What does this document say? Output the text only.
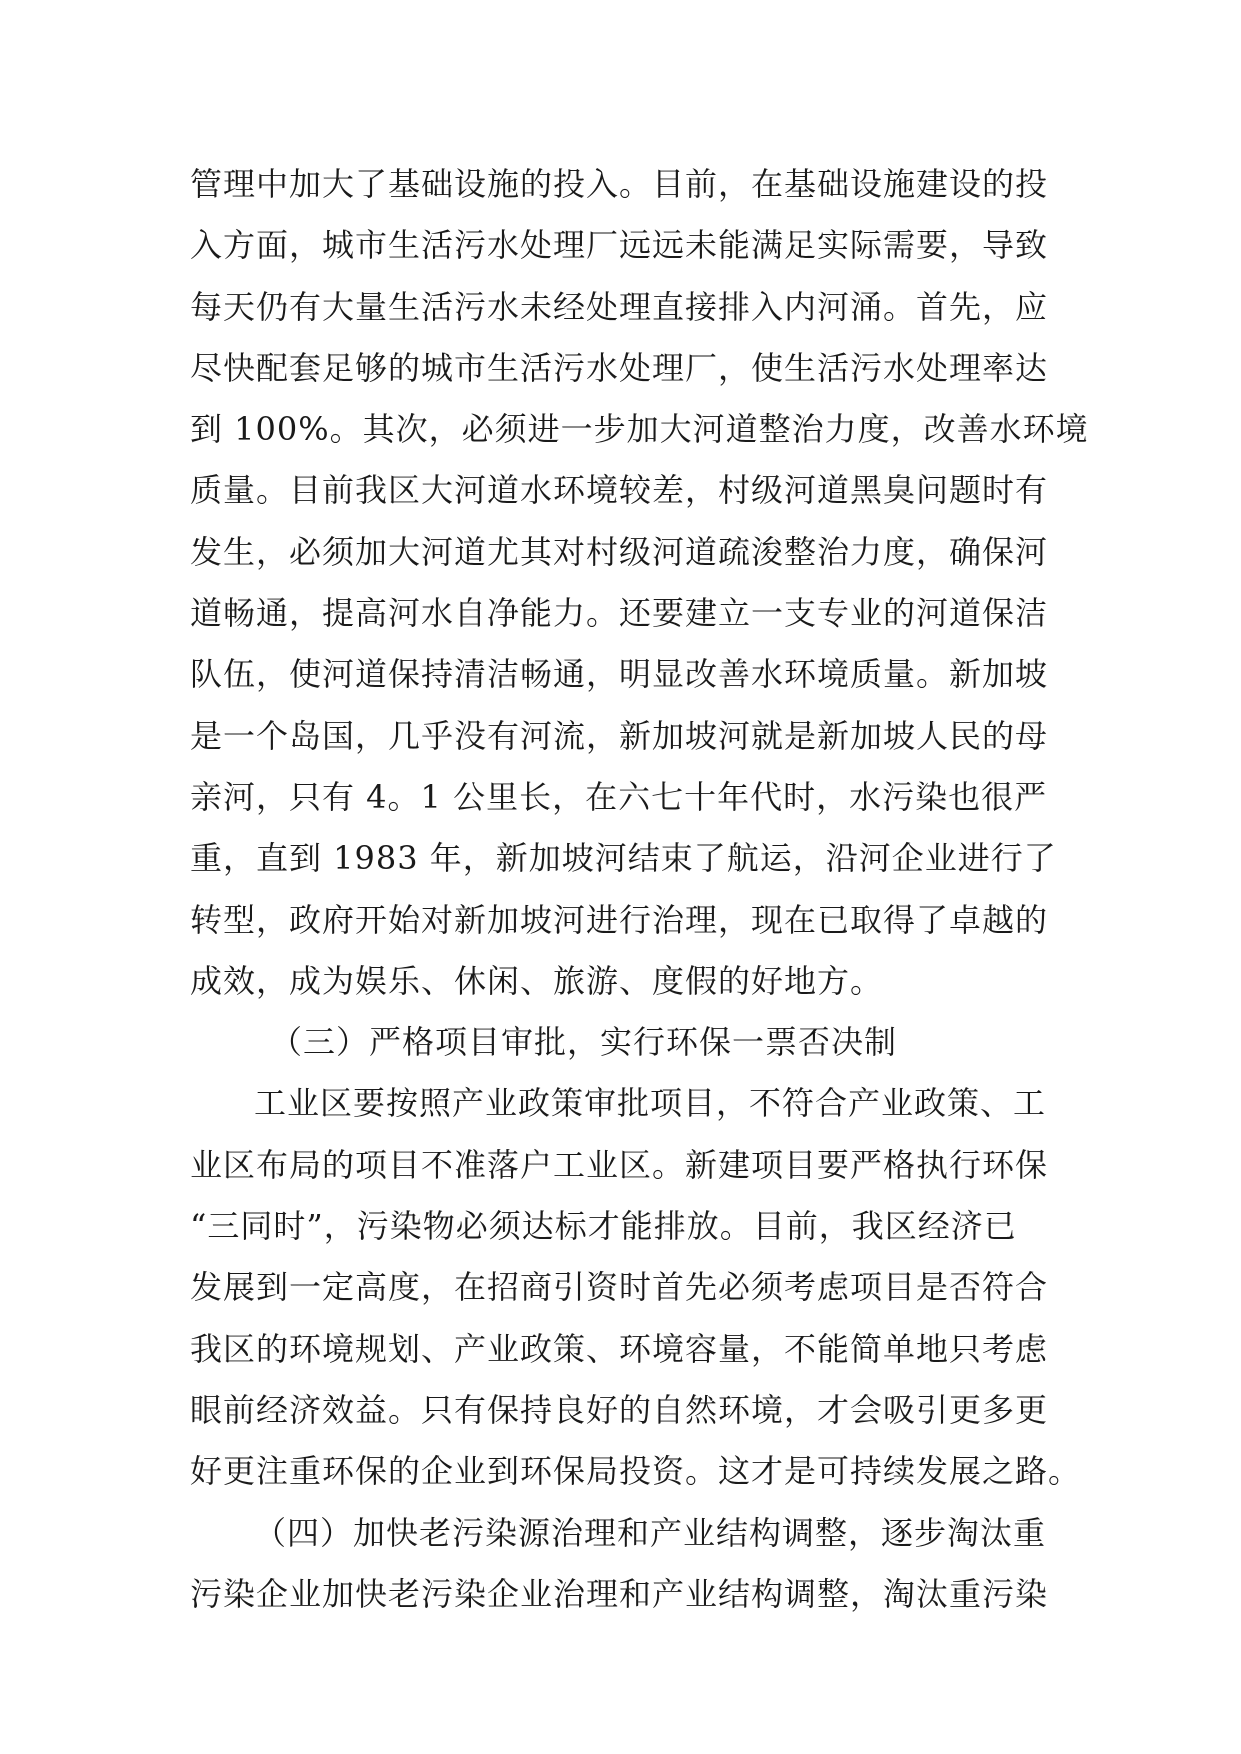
管理中加大了基础设施的投入。目前，在基础设施建设的投
入方面，城市生活污水处理厂远远未能满足实际需要，导致
每天仍有大量生活污水未经处理直接排入内河涌。首先，应
尽快配套足够的城市生活污水处理厂，使生活污水处理率达
到 100%。其次，必须进一步加大河道整治力度，改善水环境
质量。目前我区大河道水环境较差，村级河道黑臭问题时有
发生，必须加大河道尤其对村级河道疏浚整治力度，确保河
道畅通，提高河水自净能力。还要建立一支专业的河道保洁
队伍，使河道保持清洁畅通，明显改善水环境质量。新加坡
是一个岛国，几乎没有河流，新加坡河就是新加坡人民的母
亲河，只有 4。1 公里长，在六七十年代时，水污染也很严
重，直到 1983 年，新加坡河结束了航运，沿河企业进行了
转型，政府开始对新加坡河进行治理，现在已取得了卓越的
成效，成为娱乐、休闲、旅游、度假的好地方。
（三）严格项目审批，实行环保一票否决制
工业区要按照产业政策审批项目，不符合产业政策、工
业区布局的项目不准落户工业区。新建项目要严格执行环保
“三同时”，污染物必须达标才能排放。目前，我区经济已
发展到一定高度，在招商引资时首先必须考虑项目是否符合
我区的环境规划、产业政策、环境容量，不能简单地只考虑
眼前经济效益。只有保持良好的自然环境，才会吸引更多更
好更注重环保的企业到环保局投资。这才是可持续发展之路。
（四）加快老污染源治理和产业结构调整，逐步淘汰重
污染企业加快老污染企业治理和产业结构调整，淘汰重污染
